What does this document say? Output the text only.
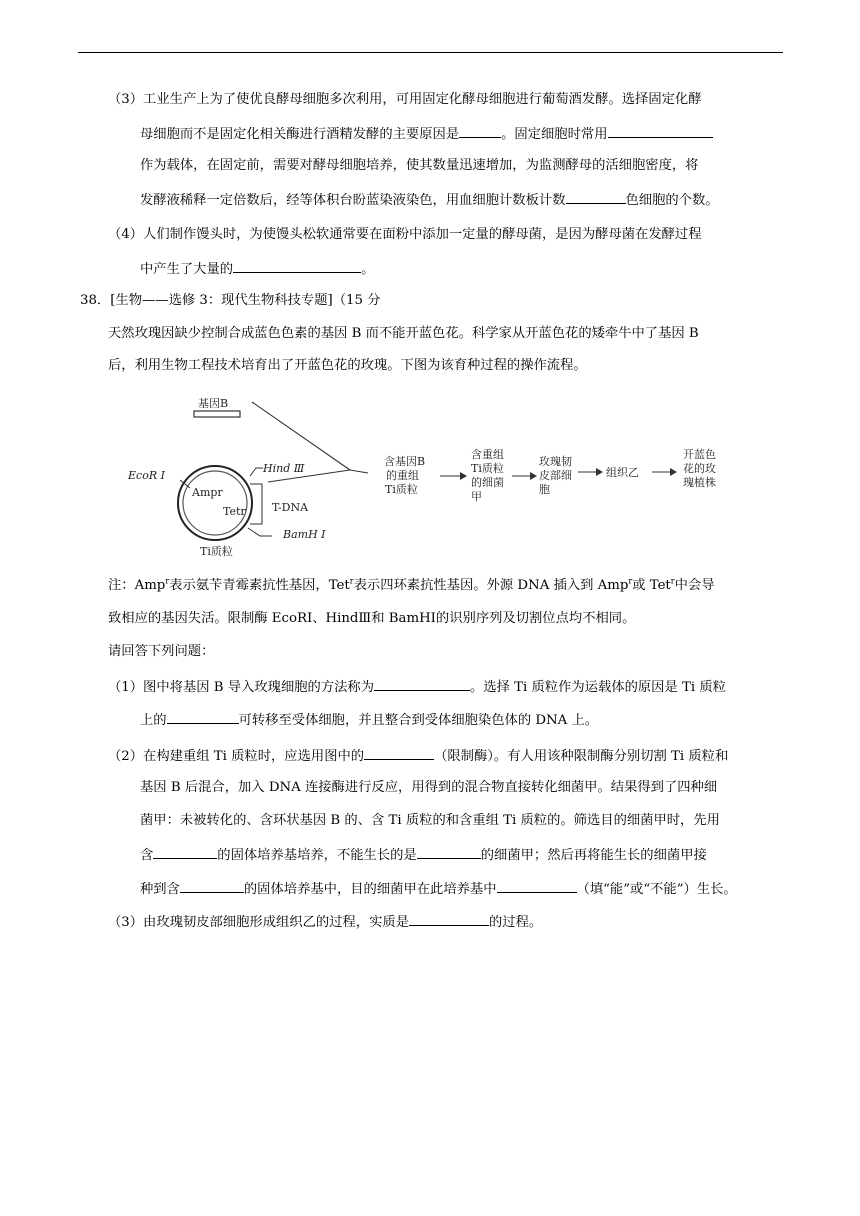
（3）工业生产上为了使优良酵母细胞多次利用，可用固定化酵母细胞进行葡萄酒发酵。选择固定化酵
母细胞而不是固定化相关酶进行酒精发酵的主要原因是	。固定细胞时常用
作为载体，在固定前，需要对酵母细胞培养，使其数量迅速增加，为监测酵母的活细胞密度，将
发酵液稀释一定倍数后，经等体积台盼蓝染液染色，用血细胞计数板计数	色细胞的个数。
（4）人们制作馒头时，为使馒头松软通常要在面粉中添加一定量的酵母菌，是因为酵母菌在发酵过程
中产生了大量的	。
38．[生物——选修 3：现代生物科技专题]（15 分
天然玫瑰因缺少控制合成蓝色色素的基因 B 而不能开蓝色花。科学家从开蓝色花的矮牵牛中了基因 B
后，利用生物工程技术培育出了开蓝色花的玫瑰。下图为该育种过程的操作流程。
基因B
Ampr
Tetr
EcoR Ⅰ
Hind Ⅲ
T-DNA
BamH Ⅰ
Ti质粒
含基因B
的重组
Ti质粒
含重组
Ti质粒
的细菌
甲
玫瑰韧
皮部细
胞
组织乙
开蓝色
花的玫
瑰植株
注：Amp$^r$表示氨苄青霉素抗性基因，Tet$^r$表示四环素抗性基因。外源 DNA 插入到 Amp$^r$或 Tet$^r$中会导
致相应的基因失活。限制酶 EcoRⅠ、HindⅢ和 BamHⅠ的识别序列及切割位点均不相同。
请回答下列问题：
（1）图中将基因 B 导入玫瑰细胞的方法称为	。选择 Ti 质粒作为运载体的原因是 Ti 质粒
上的	可转移至受体细胞，并且整合到受体细胞染色体的 DNA 上。
（2）在构建重组 Ti 质粒时，应选用图中的	（限制酶）。有人用该种限制酶分别切割 Ti 质粒和
基因 B 后混合，加入 DNA 连接酶进行反应，用得到的混合物直接转化细菌甲。结果得到了四种细
菌甲：未被转化的、含环状基因 B 的、含 Ti 质粒的和含重组 Ti 质粒的。筛选目的细菌甲时，先用
含	的固体培养基培养，不能生长的是	的细菌甲；然后再将能生长的细菌甲接
种到含	的固体培养基中，目的细菌甲在此培养基中	（填“能”或“不能”）生长。
（3）由玫瑰韧皮部细胞形成组织乙的过程，实质是	的过程。
